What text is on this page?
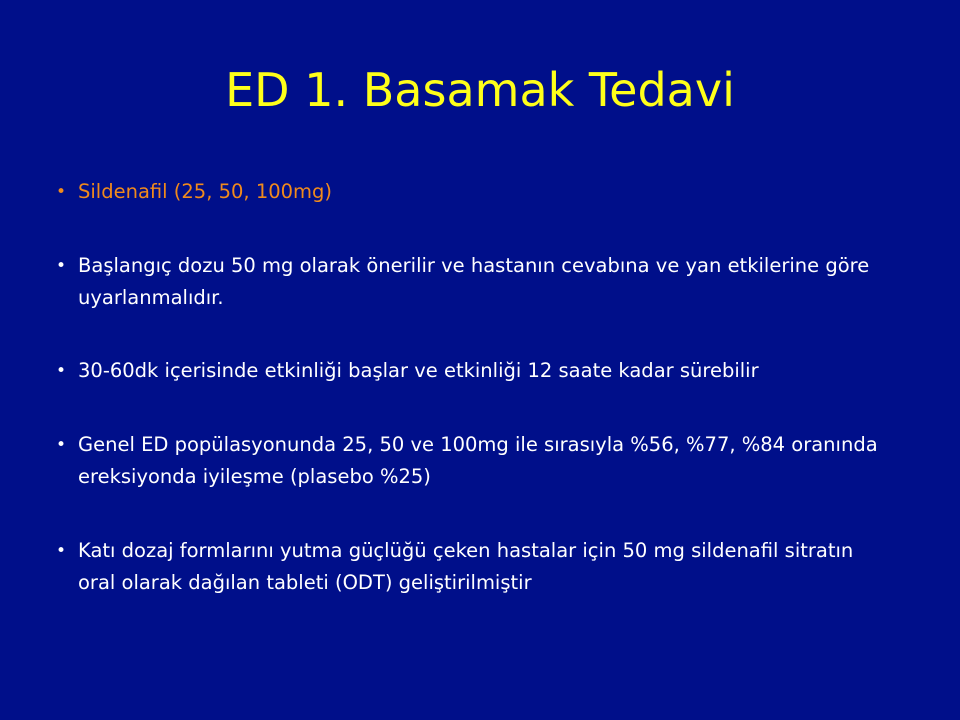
ED 1. Basamak Tedavi
• Sildenafil (25, 50, 100mg)
• Başlangıç dozu 50 mg olarak önerilir ve hastanın cevabına ve yan etkilerine göre uyarlanmalıdır.
• 30-60dk içerisinde etkinliği başlar ve etkinliği 12 saate kadar sürebilir
• Genel ED popülasyonunda 25, 50 ve 100mg ile sırasıyla %56, %77, %84 oranında ereksiyonda iyileşme (plasebo %25)
• Katı dozaj formlarını yutma güçlüğü çeken hastalar için 50 mg sildenafil sitratın oral olarak dağılan tableti (ODT) geliştirilmiştir
